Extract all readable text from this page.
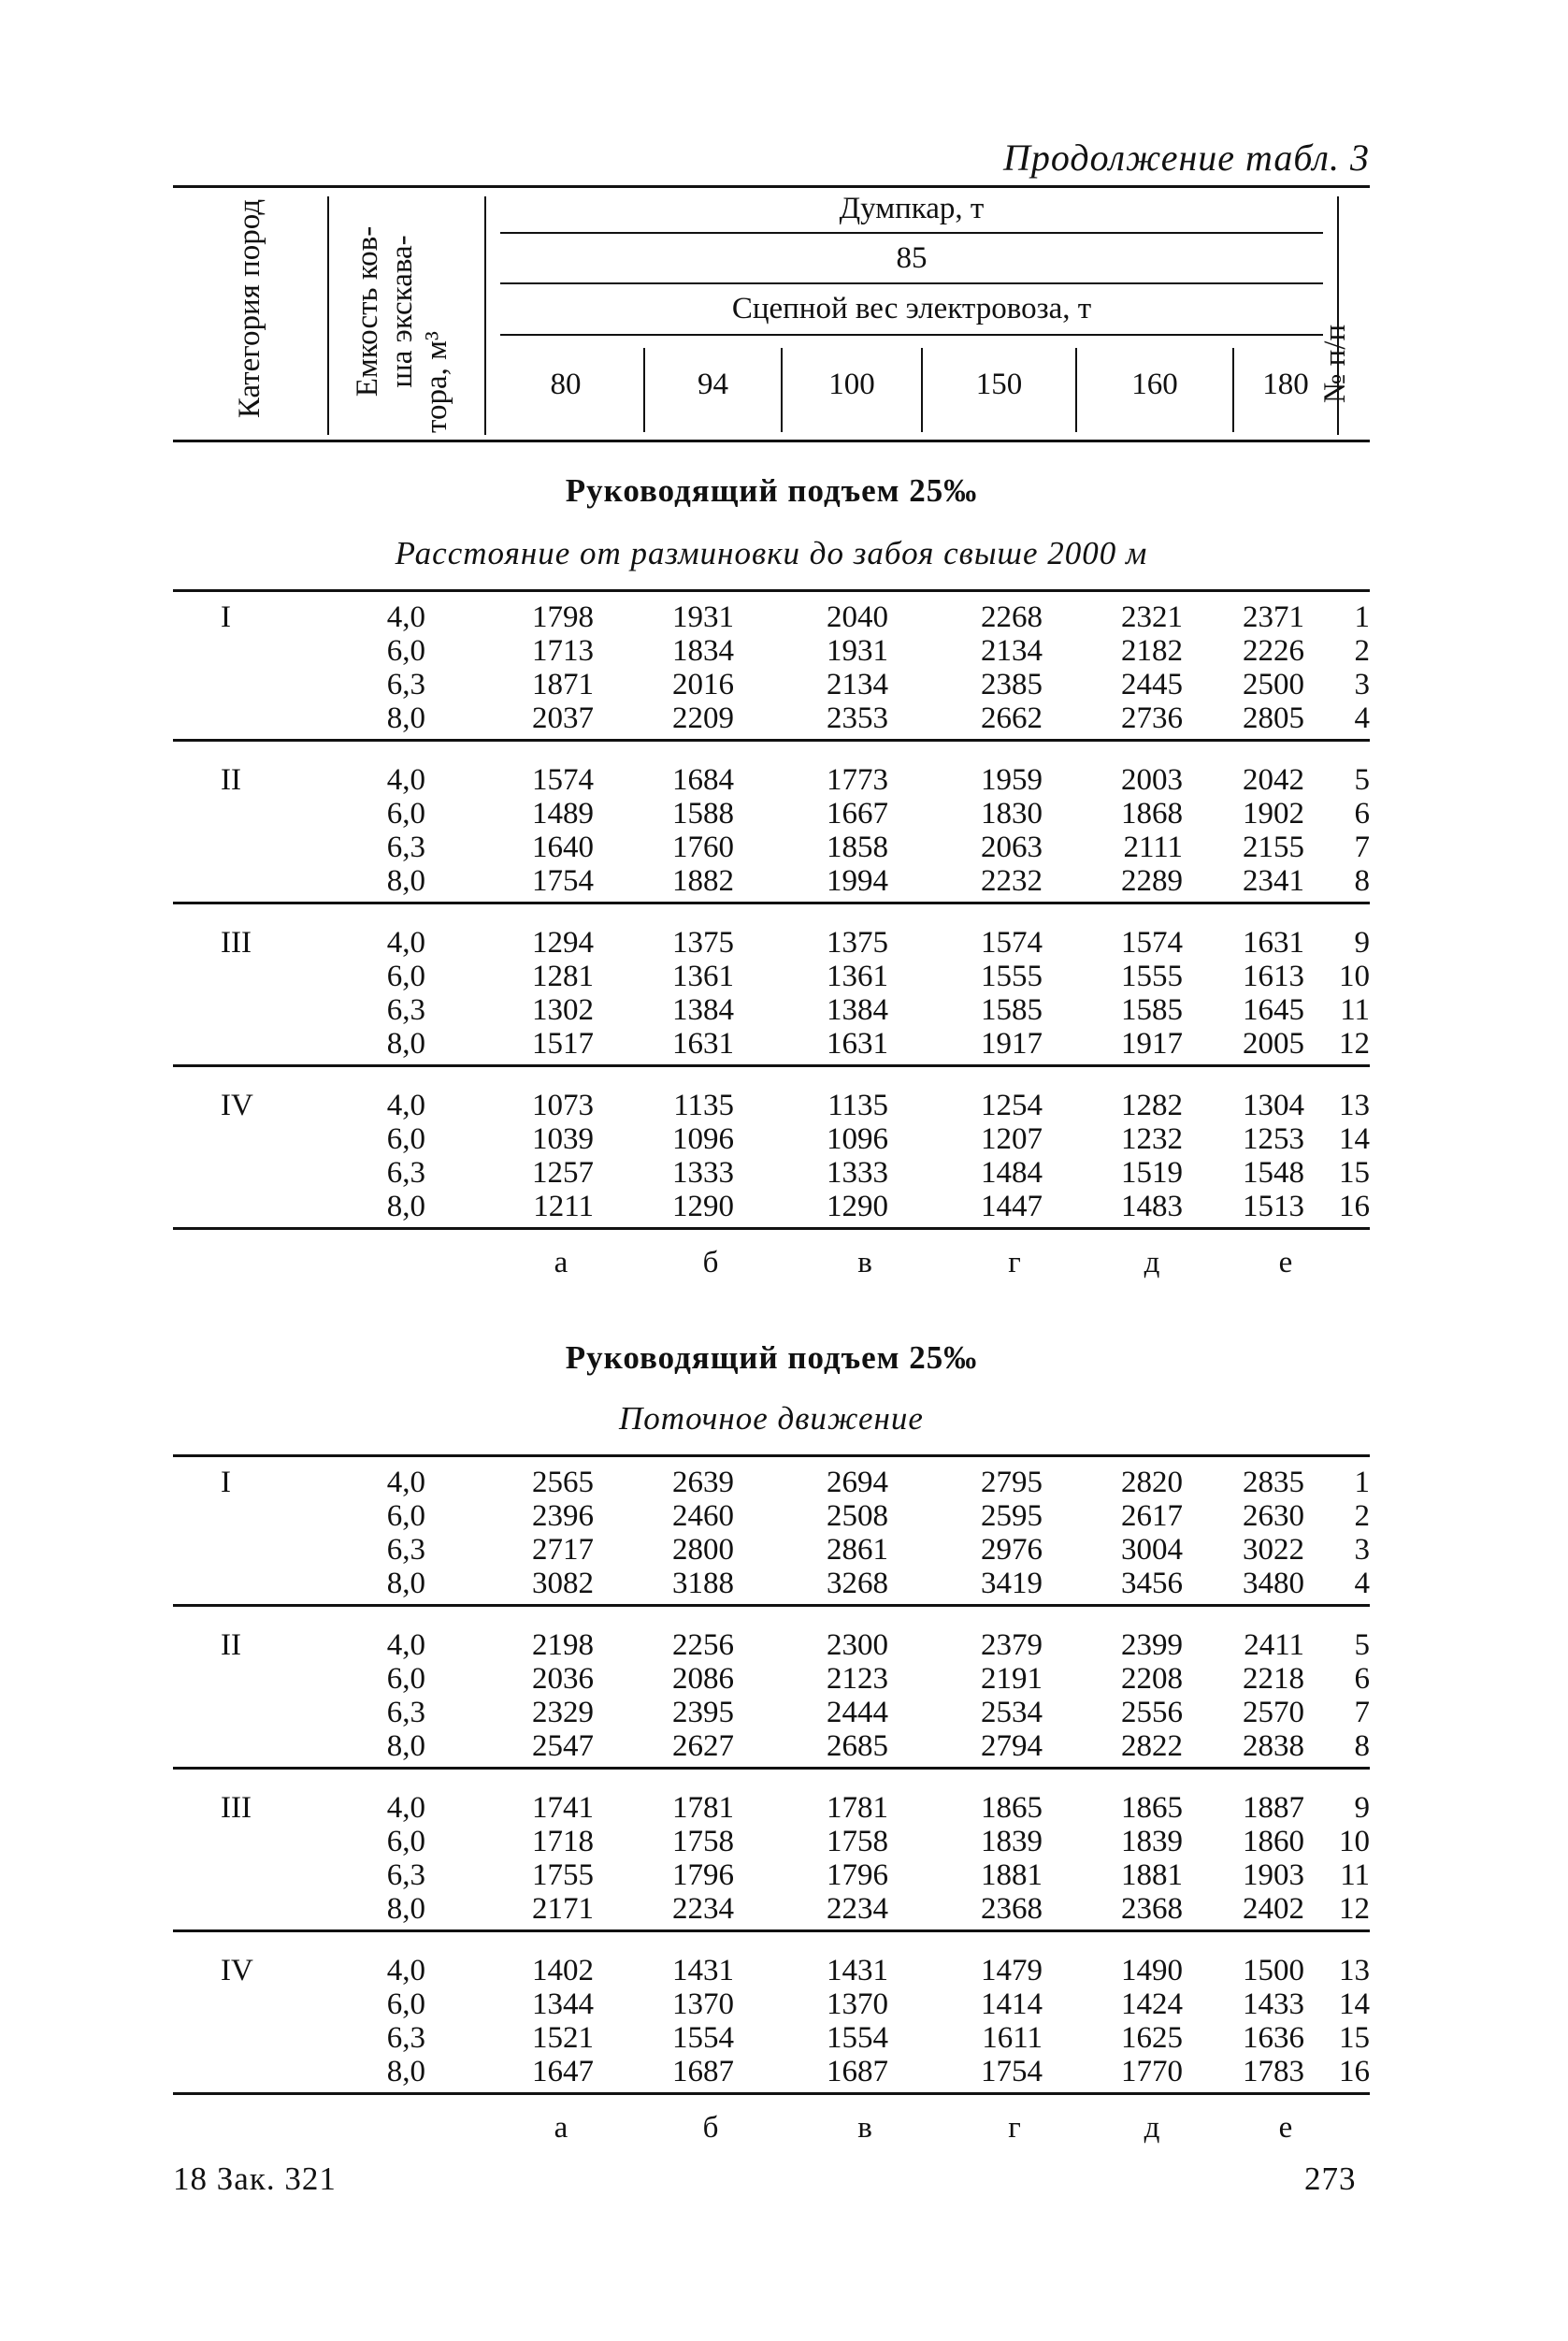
Продолжение табл. 3
Категория пород	Емкость ков- ша экскава- тора, м³
Думпкар, т
85
Сцепной вес электровоза, т
80	94	100	150	160	180 № п/п
Руководящий подъем 25‰
Расстояние от разминовки до забоя свыше 2000 м
I	4,0	1798	1931	2040	2268	2321	2371	1
6,0	1713	1834	1931	2134	2182	2226	2
6,3	1871	2016	2134	2385	2445	2500	3
8,0	2037	2209	2353	2662	2736	2805	4
II	4,0	1574	1684	1773	1959	2003	2042	5
6,0	1489	1588	1667	1830	1868	1902	6
6,3	1640	1760	1858	2063	2111	2155	7
8,0	1754	1882	1994	2232	2289	2341	8
III	4,0	1294	1375	1375	1574	1574	1631	9
6,0	1281	1361	1361	1555	1555	1613	10
6,3	1302	1384	1384	1585	1585	1645	11
8,0	1517	1631	1631	1917	1917	2005	12
IV	4,0	1073	1135	1135	1254	1282	1304	13
6,0	1039	1096	1096	1207	1232	1253	14
6,3	1257	1333	1333	1484	1519	1548	15
8,0	1211	1290	1290	1447	1483	1513	16
а	б	в	г	д	е
Руководящий подъем 25‰
Поточное движение
I	4,0	2565	2639	2694	2795	2820	2835	1
6,0	2396	2460	2508	2595	2617	2630	2
6,3	2717	2800	2861	2976	3004	3022	3
8,0	3082	3188	3268	3419	3456	3480	4
II	4,0	2198	2256	2300	2379	2399	2411	5
6,0	2036	2086	2123	2191	2208	2218	6
6,3	2329	2395	2444	2534	2556	2570	7
8,0	2547	2627	2685	2794	2822	2838	8
III	4,0	1741	1781	1781	1865	1865	1887	9
6,0	1718	1758	1758	1839	1839	1860	10
6,3	1755	1796	1796	1881	1881	1903	11
8,0	2171	2234	2234	2368	2368	2402	12
IV	4,0	1402	1431	1431	1479	1490	1500	13
6,0	1344	1370	1370	1414	1424	1433	14
6,3	1521	1554	1554	1611	1625	1636	15
8,0	1647	1687	1687	1754	1770	1783	16
а	б	в	г	д	е
18 Зак. 321	273
